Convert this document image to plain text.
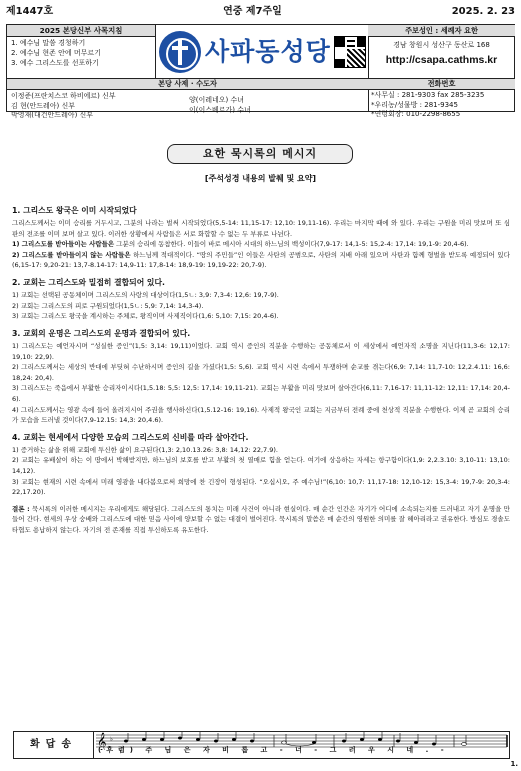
제1447호	연중 제7주일	2025. 2. 23
2025 본당신부 사목지침
1. 예수님 말씀 경청하기
2. 예수님 현존 안에 머무르기
3. 예수 그리스도를 선포하기	사파동성당
주보성인 : 세례자 요한
경남 창원시 성산구 동산로 168
http://csapa.cathms.kr
본당 사제 · 수도자	전화번호
이정준(프란치스코 하비에르) 신부
김 현(안드레아) 신부
박영재(대건안드레아) 신부
양(이레네오) 수녀
이(이스베르가) 수녀
*사무실 : 281-9303 fax 285-3235
*우리농/성물방 : 281-9345
*연령회장: 010-2298-8655
요한 묵시록의 메시지
[주석성경 내용의 발췌 및 요약]
1. 그리스도 왕국은 이미 시작되었다
그리스도께서는 이미 승리를 거두시고, 그분의 나라는 벌써 시작되었다(5,5-14: 11,15-17: 12,10: 19,11-16). 우리는 마지막 때에 와 있다. 우리는 구원을 미리 맛보며 또 심판의 전조를 이미 보며 살고 있다. 이러한 상황에서 사람들은 서로 화합할 수 없는 두 부류로 나뉜다.
1) 그리스도를 받아들이는 사람들은 그분의 승리에 동참한다. 이들이 바로 메시아 시대의 하느님의 백성이다(7,9-17: 14,1-5: 15,2-4: 17,14: 19,1-9: 20,4-6).
2) 그리스도를 받아들이지 않는 사람들은 하느님께 적대적이다. “땅의 주민들”인 이들은 사탄의 공범으로, 사탄의 지배 아래 있으며 사탄과 함께 형벌을 받도록 예정되어 있다(6,15-17: 9,20-21: 13,7-8.14-17: 14,9-11: 17,8-14: 18,9-19: 19,19-22: 20,7-9).
2. 교회는 그리스도와 밀접히 결합되어 있다.
1) 교회는 선택된 공동체이며 그리스도의 사랑의 대상이다(1,5ㄴ: 3,9: 7,3-4: 12,6: 19,7-9).
2) 교회는 그리스도의 피로 구원되었다(1,5ㄴ: 5,9: 7,14: 14,3-4).
3) 교회는 그리스도 왕국을 계시하는 주체로, 왕직이며 사제직이다(1,6: 5,10: 7,15: 20,4-6).
3. 교회의 운명은 그리스도의 운명과 결합되어 있다.
1) 그리스도는 예언자시며 “성실한 증인”(1,5: 3,14: 19,11)이었다. 교회 역시 증인의 직분을 수행하는 공동체로서 이 세상에서 예언자적 소명을 지닌다(11,3-6: 12,17: 19,10: 22,9).
2) 그리스도께서는 세상의 반대에 부딪혀 수난하시며 증인의 길을 가셨다(1,5: 5,6). 교회 역시 시련 속에서 투쟁하며 순교를 겪는다(6,9: 7,14: 11,7-10: 12,2.4.11: 16,6: 18,24: 20,4).
3) 그리스도는 죽음에서 부활한 승리자이시다(1,5.18: 5,5: 12,5: 17,14: 19,11-21). 교회는 부활을 미리 맛보며 살아간다(6,11: 7,16-17: 11,11-12: 12,11: 17,14: 20,4-6).
4) 그리스도께서는 영광 속에 들어 올려지시어 주권을 행사하신다(1,5.12-16: 19,16). 사제적 왕국인 교회는 지금부터 전례 중에 천상적 직분을 수행한다. 이제 곧 교회의 승리가 모습을 드러낼 것이다(7,9-12.15: 14,3: 20,4.6).
4. 교회는 현세에서 다양한 모습의 그리스도의 신비를 따라 살아간다.
1) 증거하는 삶을 위해 교회에 투신한 삶이 요구된다(1,3: 2,10.13.26: 3,8: 14,12: 22,7.9).
2) 교회는 유배살이 하는 이 땅에서 박해받지만, 하느님의 보호를 받고 부활의 첫 열매로 힘을 얻는다. 여기에 상응하는 자세는 항구함이다(1,9: 2,2.3.10: 3,10-11: 13,10: 14,12).
3) 교회는 현재의 시련 속에서 미래 영광을 내다봄으로써 희망에 찬 긴장이 형성된다. “오십시오, 주 예수님!”(6,10: 10,7: 11,17-18: 12,10-12: 15,3-4: 19,7-9: 20,3-4: 22,17.20).
결론 : 묵시록의 이러한 메시지는 우리에게도 해당된다. 그리스도의 통치는 미래 사건이 아니라 현실이다. 매 순간 인간은 자기가 어디에 소속되는지를 드러내고 자기 운명을 만들어 간다. 현세의 우상 숭배와 그리스도에 대한 믿음 사이에 양보할 수 없는 대결이 벌어진다. 묵시록의 말씀은 매 순간의 영원한 의미를 잘 헤아리라고 권유한다. 방심도 경솔도 타협도 용납하지 않는다. 자기의 전 존재를 직접 투신하도록 유도한다.
화답송	𝄞 ♭
(후렴) 주 님 은 자 비 롭 고 - 너 - 그 러 우 시 네 . -
1.
